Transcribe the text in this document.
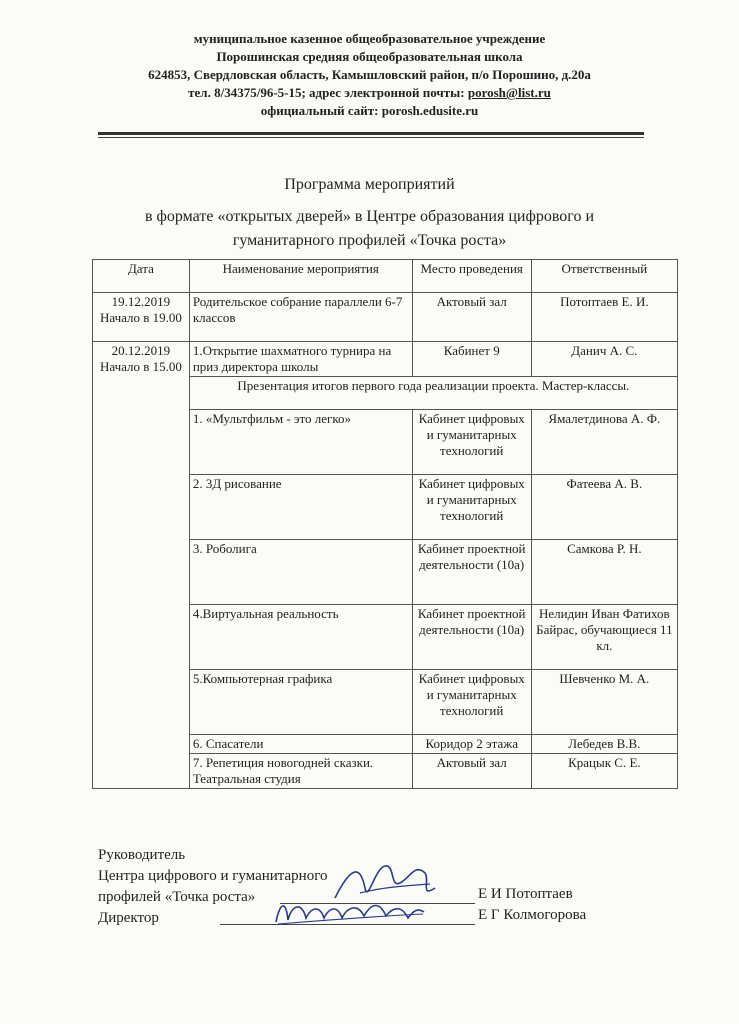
муниципальное казенное общеобразовательное учреждение
Порошинская средняя общеобразовательная школа
624853, Свердловская область, Камышловский район, п/о Порошино, д.20а
тел. 8/34375/96-5-15; адрес электронной почты: porosh@list.ru
официальный сайт: porosh.edusite.ru
Программа мероприятий
в формате «открытых дверей» в Центре образования цифрового и
гуманитарного профилей «Точка роста»
Дата	Наименование мероприятия	Место проведения	Ответственный
19.12.2019 Начало в 19.00	Родительское собрание параллели 6-7 классов	Актовый зал	Потоптаев Е. И.
20.12.2019 Начало в 15.00	1.Открытие шахматного турнира на приз директора школы	Кабинет 9	Данич А. С.
	Презентация итогов первого года реализации проекта. Мастер-классы.		
	1. «Мультфильм - это легко»	Кабинет цифровых и гуманитарных технологий	Ямалетдинова А. Ф.
	2. 3Д рисование	Кабинет цифровых и гуманитарных технологий	Фатеева А. В.
	3. Роболига	Кабинет проектной деятельности (10а)	Самкова Р. Н.
	4.Виртуальная реальность	Кабинет проектной деятельности (10а)	Нелидин Иван Фатихов Байрас, обучающиеся 11 кл.
	5.Компьютерная графика	Кабинет цифровых и гуманитарных технологий	Шевченко М. А.
	6. Спасатели	Коридор 2 этажа	Лебедев В.В.
	7. Репетиция новогодней сказки. Театральная студия	Актовый зал	Крацык С. Е.
Руководитель
Центра цифрового и гуманитарного
профилей «Точка роста»
Директор
Е И Потоптаев
Е Г Колмогорова
